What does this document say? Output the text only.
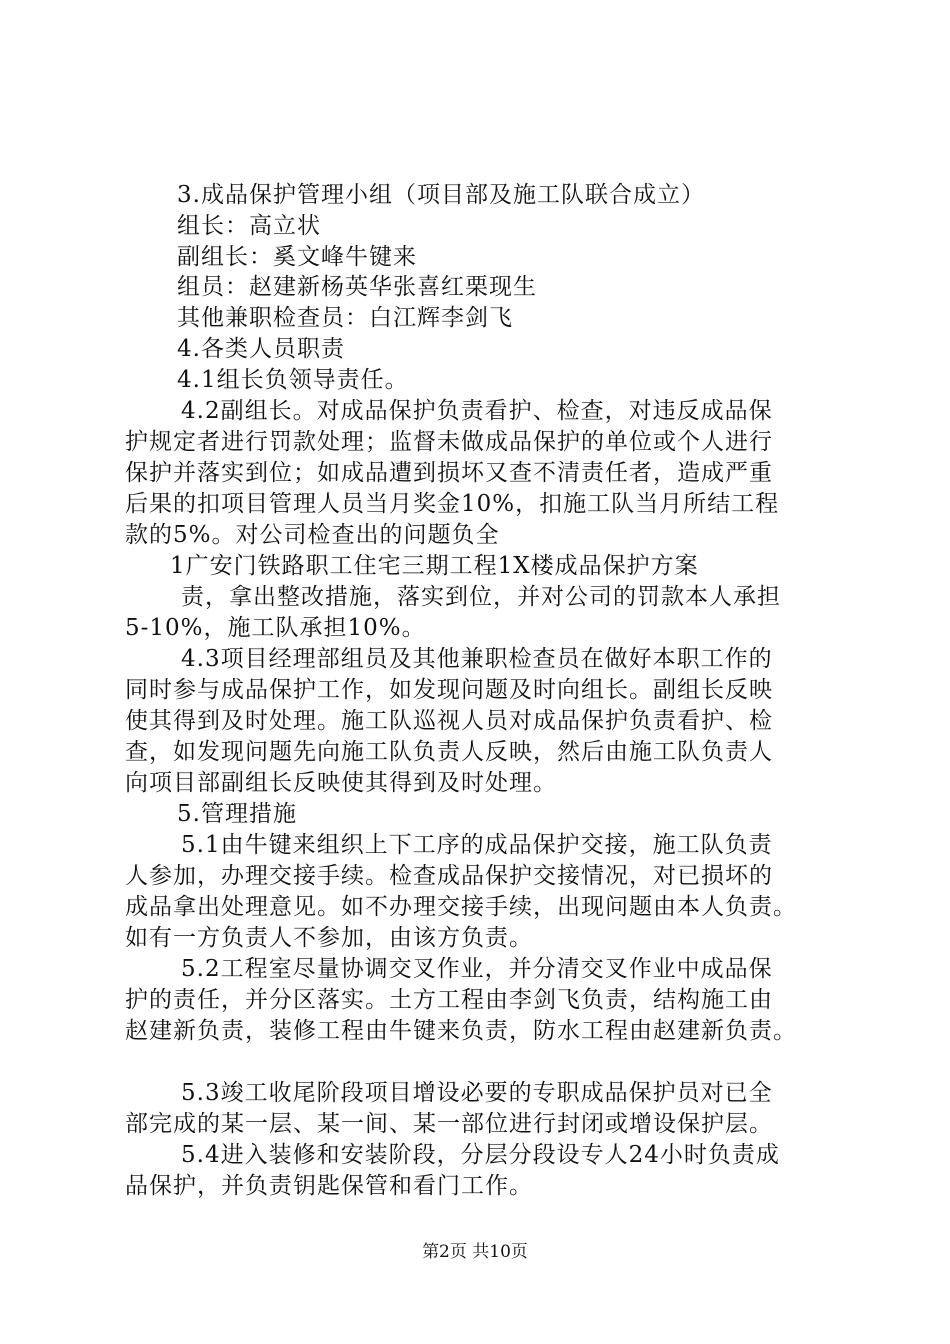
3.成品保护管理小组（项目部及施工队联合成立）
组长：高立状
副组长：奚文峰牛键来
组员：赵建新杨英华张喜红栗现生
其他兼职检查员：白江辉李剑飞
4.各类人员职责
4.1组长负领导责任。
4.2副组长。对成品保护负责看护、检查，对违反成品保
护规定者进行罚款处理；监督未做成品保护的单位或个人进行
保护并落实到位；如成品遭到损坏又查不清责任者，造成严重
后果的扣项目管理人员当月奖金10%，扣施工队当月所结工程
款的5%。对公司检查出的问题负全
1广安门铁路职工住宅三期工程1X楼成品保护方案
责，拿出整改措施，落实到位，并对公司的罚款本人承担
5-10%，施工队承担10%。
4.3项目经理部组员及其他兼职检查员在做好本职工作的
同时参与成品保护工作，如发现问题及时向组长。副组长反映
使其得到及时处理。施工队巡视人员对成品保护负责看护、检
查，如发现问题先向施工队负责人反映，然后由施工队负责人
向项目部副组长反映使其得到及时处理。
5.管理措施
5.1由牛键来组织上下工序的成品保护交接，施工队负责
人参加，办理交接手续。检查成品保护交接情况，对已损坏的
成品拿出处理意见。如不办理交接手续，出现问题由本人负责。
如有一方负责人不参加，由该方负责。
5.2工程室尽量协调交叉作业，并分清交叉作业中成品保
护的责任，并分区落实。土方工程由李剑飞负责，结构施工由
赵建新负责，装修工程由牛键来负责，防水工程由赵建新负责。
5.3竣工收尾阶段项目增设必要的专职成品保护员对已全
部完成的某一层、某一间、某一部位进行封闭或增设保护层。
5.4进入装修和安装阶段，分层分段设专人24小时负责成
品保护，并负责钥匙保管和看门工作。
第2页 共10页
